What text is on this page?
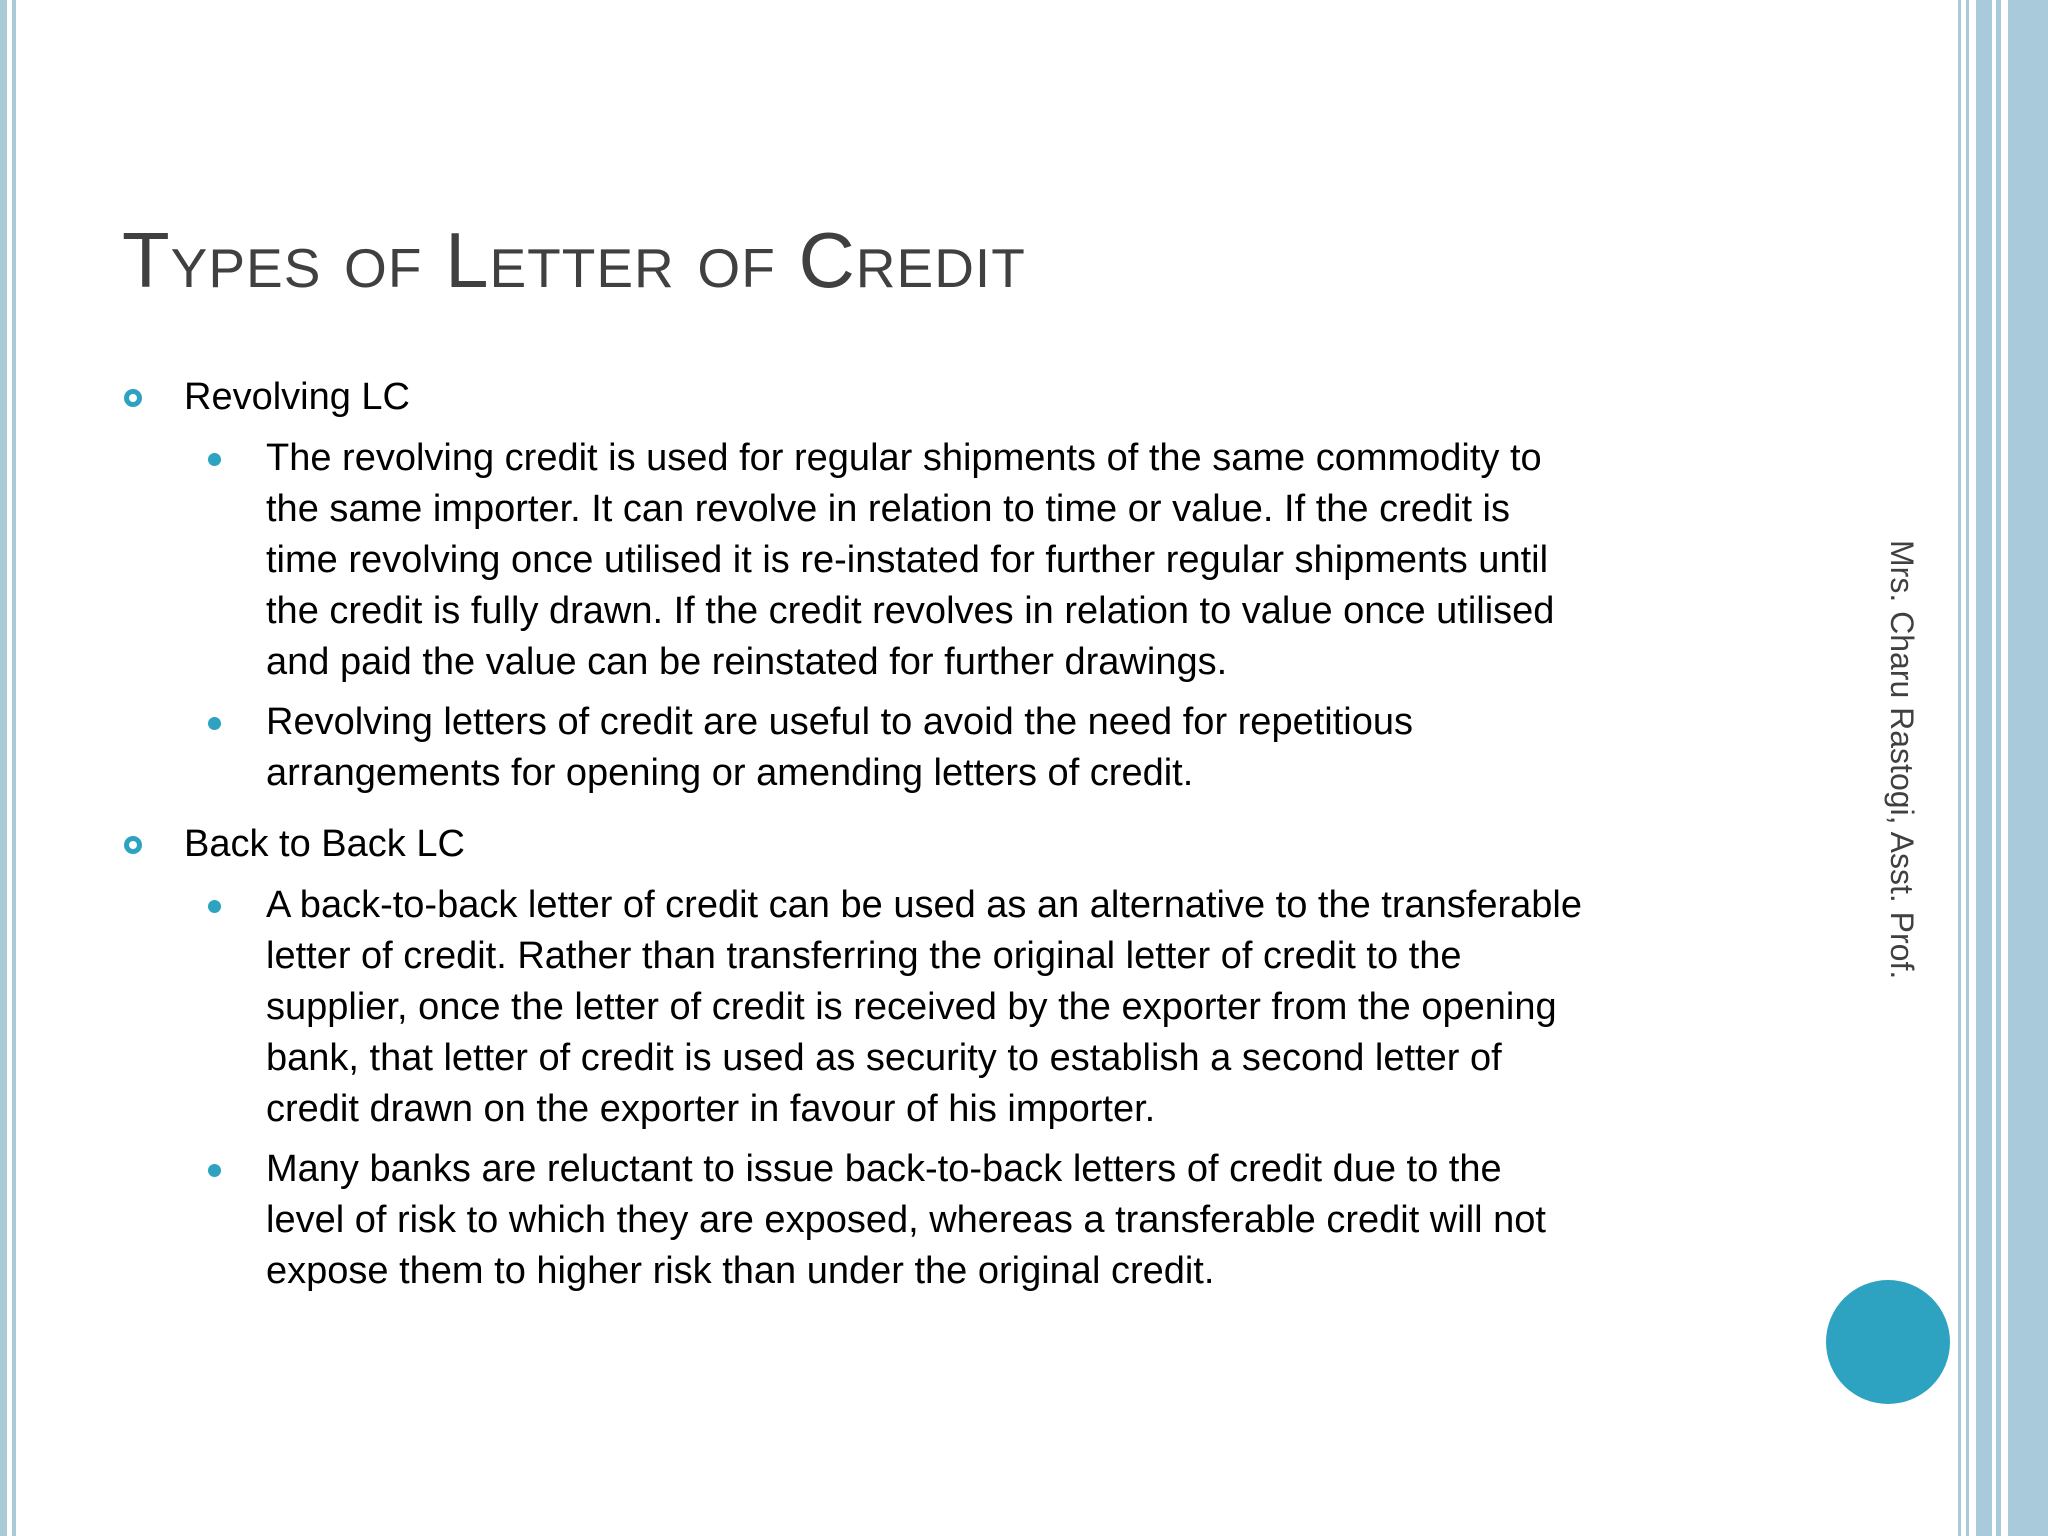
Types of Letter of Credit
Revolving LC
The revolving credit is used for regular shipments of the same commodity to
the same importer. It can revolve in relation to time or value. If the credit is
time revolving once utilised it is re-instated for further regular shipments until
the credit is fully drawn. If the credit revolves in relation to value once utilised
and paid the value can be reinstated for further drawings.
Revolving letters of credit are useful to avoid the need for repetitious
arrangements for opening or amending letters of credit.
Back to Back LC
A back-to-back letter of credit can be used as an alternative to the transferable
letter of credit. Rather than transferring the original letter of credit to the
supplier, once the letter of credit is received by the exporter from the opening
bank, that letter of credit is used as security to establish a second letter of
credit drawn on the exporter in favour of his importer.
Many banks are reluctant to issue back-to-back letters of credit due to the
level of risk to which they are exposed, whereas a transferable credit will not
expose them to higher risk than under the original credit.
Mrs. Charu Rastogi, Asst. Prof.
